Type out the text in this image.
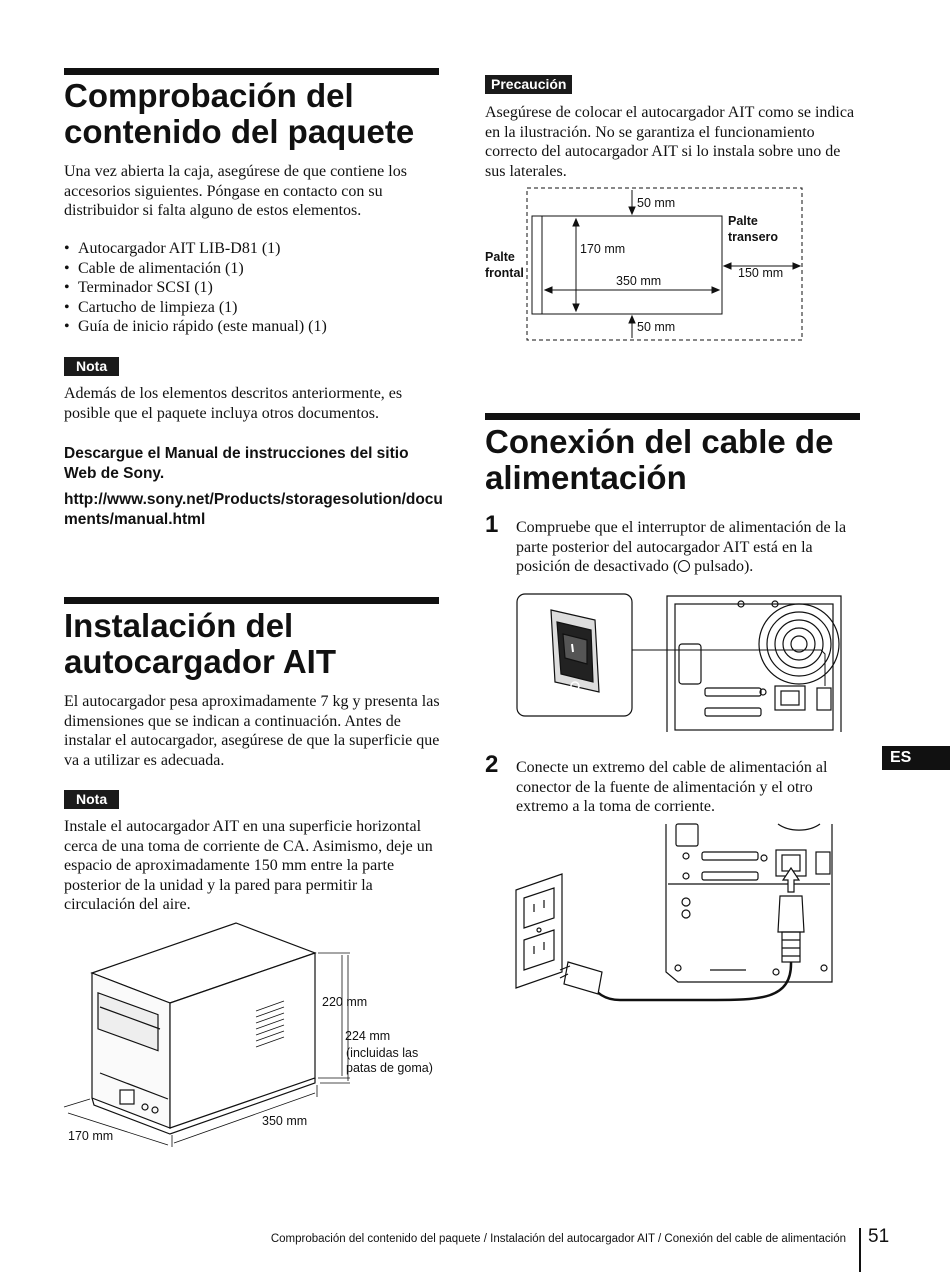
Comprobación del
contenido del paquete

Una vez abierta la caja, asegúrese de que contiene los accesorios siguientes. Póngase en contacto con su distribuidor si falta alguno de estos elementos.

• Autocargador AIT LIB-D81 (1)
• Cable de alimentación (1)
• Terminador SCSI (1)
• Cartucho de limpieza (1)
• Guía de inicio rápido (este manual) (1)
Nota

Además de los elementos descritos anteriormente, es posible que el paquete incluya otros documentos.

Descargue el Manual de instrucciones del sitio Web de Sony.

http://www.sony.net/Products/storagesolution/documents/manual.html

Instalación del
autocargador AIT

El autocargador pesa aproximadamente 7 kg y presenta las dimensiones que se indican a continuación. Antes de instalar el autocargador, asegúrese de que la superficie que va a utilizar es adecuada.

Nota

Instale el autocargador AIT en una superficie horizontal cerca de una toma de corriente de CA. Asimismo, deje un espacio de aproximadamente 150 mm entre la parte posterior de la unidad y la pared para permitir la circulación del aire.

220 mm
224 mm
(incluidas las
patas de goma)
350 mm
170 mm
Precaución

Asegúrese de colocar el autocargador AIT como se indica en la ilustración. No se garantiza el funcionamiento correcto del autocargador AIT si lo instala sobre uno de sus laterales.

50 mm
50 mm
170 mm
350 mm
150 mm
Palte
frontal
Palte
transero
Conexión del cable de
alimentación
1 Compruebe que el interruptor de alimentación de la parte posterior del autocargador AIT está en la posición de desactivado ( pulsado).

2 Conecte un extremo del cable de alimentación al conector de la fuente de alimentación y el otro extremo a la toma de corriente.

ES
Comprobación del contenido del paquete / Instalación del autocargador AIT / Conexión del cable de alimentación 51
